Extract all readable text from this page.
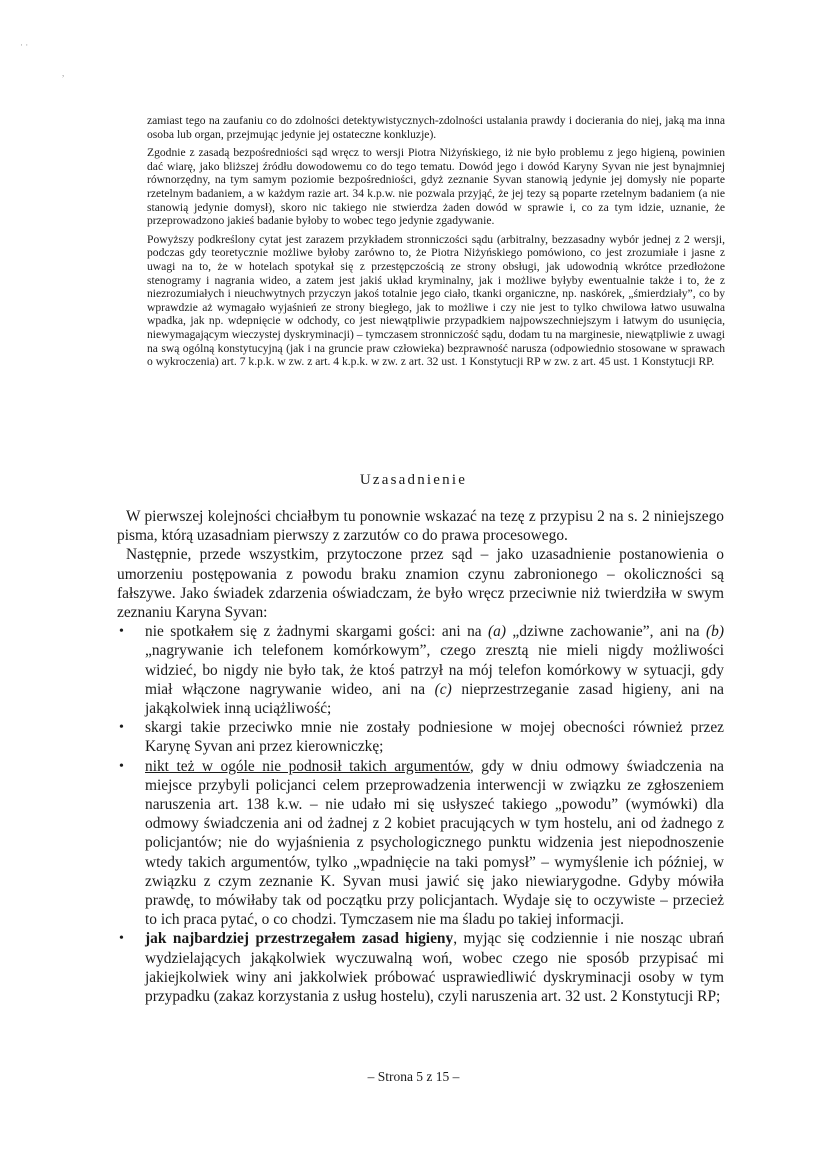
· ·
,

zamiast tego na zaufaniu co do zdolności detektywistycznych-zdolności ustalania prawdy i docierania do niej, jaką ma inna osoba lub organ, przejmując jedynie jej ostateczne konkluzje).

Zgodnie z zasadą bezpośredniości sąd wręcz to wersji Piotra Niżyńskiego, iż nie było problemu z jego higieną, powinien dać wiarę, jako bliższej źródłu dowodowemu co do tego tematu. Dowód jego i dowód Karyny Syvan nie jest bynajmniej równorzędny, na tym samym poziomie bezpośredniości, gdyż zeznanie Syvan stanowią jedynie jej domysły nie poparte rzetelnym badaniem, a w każdym razie art. 34 k.p.w. nie pozwala przyjąć, że jej tezy są poparte rzetelnym badaniem (a nie stanowią jedynie domysł), skoro nic takiego nie stwierdza żaden dowód w sprawie i, co za tym idzie, uznanie, że przeprowadzono jakieś badanie byłoby to wobec tego jedynie zgadywanie.

Powyższy podkreślony cytat jest zarazem przykładem stronniczości sądu (arbitralny, bezzasadny wybór jednej z 2 wersji, podczas gdy teoretycznie możliwe byłoby zarówno to, że Piotra Niżyńskiego pomówiono, co jest zrozumiałe i jasne z uwagi na to, że w hotelach spotykał się z przestępczością ze strony obsługi, jak udowodnią wkrótce przedłożone stenogramy i nagrania wideo, a zatem jest jakiś układ kryminalny, jak i możliwe byłyby ewentualnie także i to, że z niezrozumiałych i nieuchwytnych przyczyn jakoś totalnie jego ciało, tkanki organiczne, np. naskórek, „śmierdziały”, co by wprawdzie aż wymagało wyjaśnień ze strony biegłego, jak to możliwe i czy nie jest to tylko chwilowa łatwo usuwalna wpadka, jak np. wdepnięcie w odchody, co jest niewątpliwie przypadkiem najpowszechniejszym i łatwym do usunięcia, niewymagającym wieczystej dyskryminacji) – tymczasem stronniczość sądu, dodam tu na marginesie, niewątpliwie z uwagi na swą ogólną konstytucyjną (jak i na gruncie praw człowieka) bezprawność narusza (odpowiednio stosowane w sprawach o wykroczenia) art. 7 k.p.k. w zw. z art. 4 k.p.k. w zw. z art. 32 ust. 1 Konstytucji RP w zw. z art. 45 ust. 1 Konstytucji RP.

Uzasadnienie

W pierwszej kolejności chciałbym tu ponownie wskazać na tezę z przypisu 2 na s. 2 niniejszego pisma, którą uzasadniam pierwszy z zarzutów co do prawa procesowego.

Następnie, przede wszystkim, przytoczone przez sąd – jako uzasadnienie postanowienia o umorzeniu postępowania z powodu braku znamion czynu zabronionego – okoliczności są fałszywe. Jako świadek zdarzenia oświadczam, że było wręcz przeciwnie niż twierdziła w swym zeznaniu Karyna Syvan:

• nie spotkałem się z żadnymi skargami gości: ani na (a) „dziwne zachowanie”, ani na (b) „nagrywanie ich telefonem komórkowym”, czego zresztą nie mieli nigdy możliwości widzieć, bo nigdy nie było tak, że ktoś patrzył na mój telefon komórkowy w sytuacji, gdy miał włączone nagrywanie wideo, ani na (c) nieprzestrzeganie zasad higieny, ani na jakąkolwiek inną uciążliwość;
• skargi takie przeciwko mnie nie zostały podniesione w mojej obecności również przez Karynę Syvan ani przez kierowniczkę;
• nikt też w ogóle nie podnosił takich argumentów, gdy w dniu odmowy świadczenia na miejsce przybyli policjanci celem przeprowadzenia interwencji w związku ze zgłoszeniem naruszenia art. 138 k.w. – nie udało mi się usłyszeć takiego „powodu” (wymówki) dla odmowy świadczenia ani od żadnej z 2 kobiet pracujących w tym hostelu, ani od żadnego z policjantów; nie do wyjaśnienia z psychologicznego punktu widzenia jest niepodnoszenie wtedy takich argumentów, tylko „wpadnięcie na taki pomysł” – wymyślenie ich później, w związku z czym zeznanie K. Syvan musi jawić się jako niewiarygodne. Gdyby mówiła prawdę, to mówiłaby tak od początku przy policjantach. Wydaje się to oczywiste – przecież to ich praca pytać, o co chodzi. Tymczasem nie ma śladu po takiej informacji.
• jak najbardziej przestrzegałem zasad higieny, myjąc się codziennie i nie nosząc ubrań wydzielających jakąkolwiek wyczuwalną woń, wobec czego nie sposób przypisać mi jakiejkolwiek winy ani jakkolwiek próbować usprawiedliwić dyskryminacji osoby w tym przypadku (zakaz korzystania z usług hostelu), czyli naruszenia art. 32 ust. 2 Konstytucji RP;
– Strona 5 z 15 –
